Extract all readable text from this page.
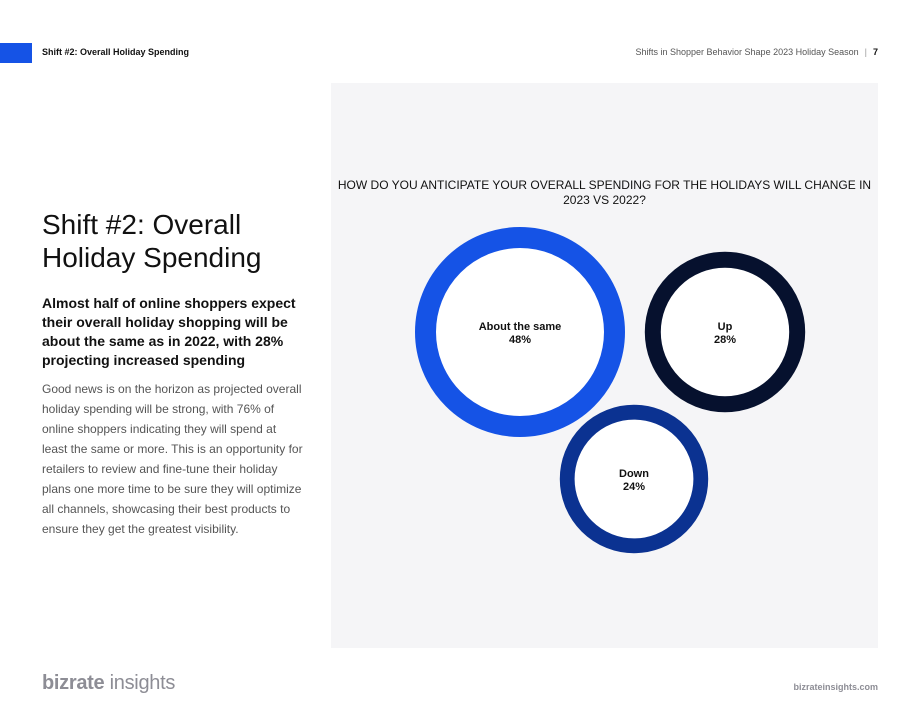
Shift #2: Overall Holiday Spending	Shifts in Shopper Behavior Shape 2023 Holiday Season | 7
Shift #2: Overall Holiday Spending
Almost half of online shoppers expect their overall holiday shopping will be about the same as in 2022, with 28% projecting increased spending
Good news is on the horizon as projected overall holiday spending will be strong, with 76% of online shoppers indicating they will spend at least the same or more. This is an opportunity for retailers to review and fine-tune their holiday plans one more time to be sure they will optimize all channels, showcasing their best products to ensure they get the greatest visibility.
HOW DO YOU ANTICIPATE YOUR OVERALL SPENDING FOR THE HOLIDAYS WILL CHANGE IN 2023 VS 2022?
About the same
48%
Up
28%
Down
24%
bizrate insights	bizrateinsights.com
